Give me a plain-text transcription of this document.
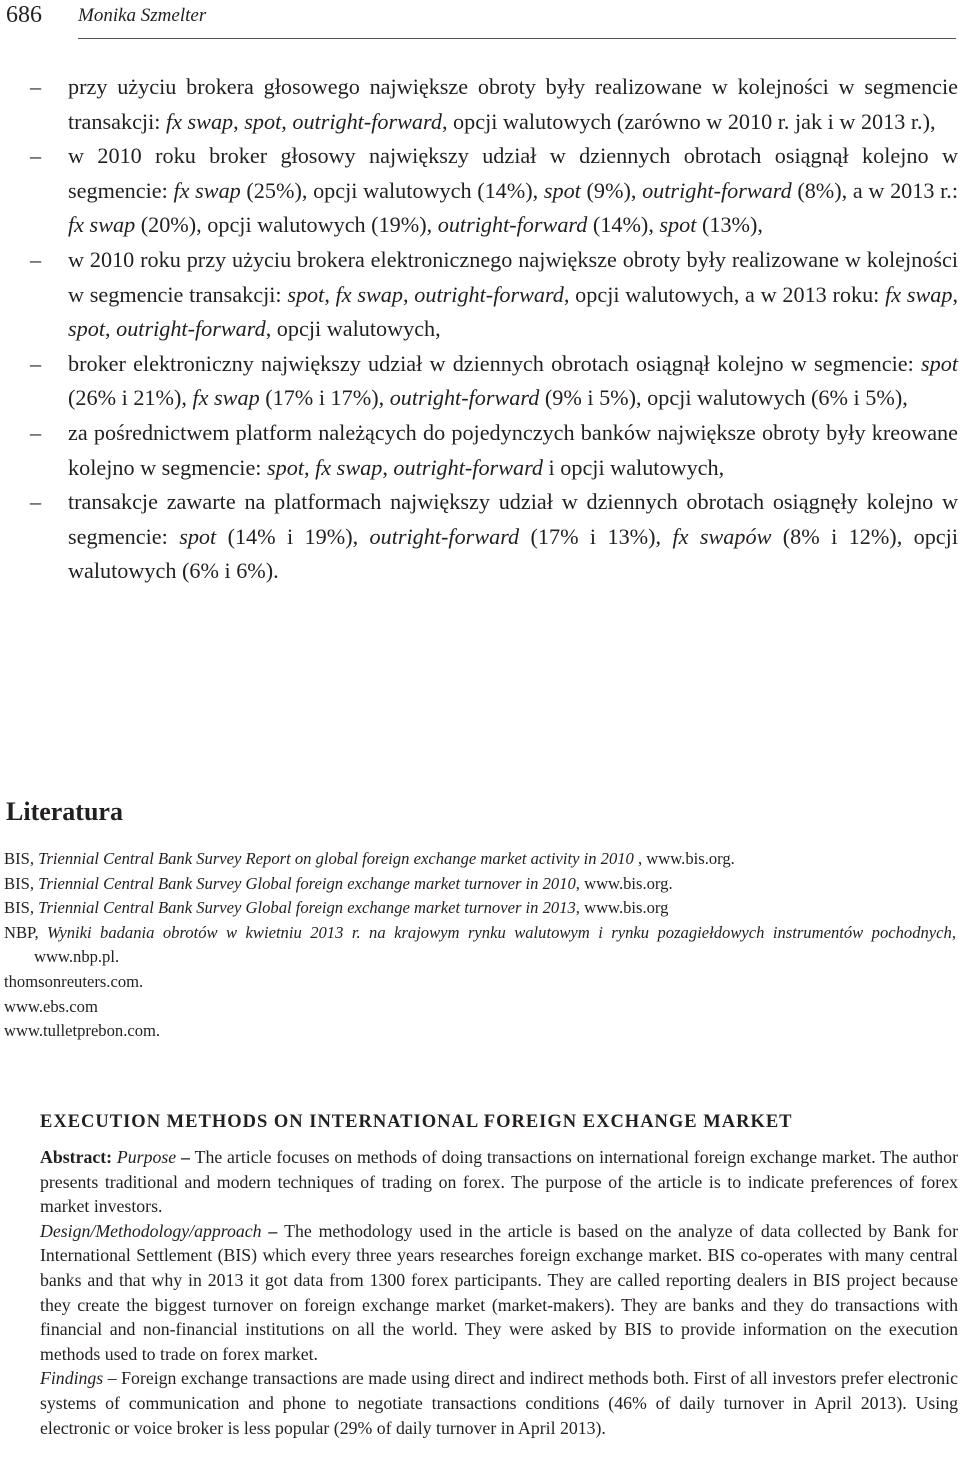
686 Monika Szmelter
– przy użyciu brokera głosowego największe obroty były realizowane w kolejności w segmencie transakcji: fx swap, spot, outright-forward, opcji walutowych (zarówno w 2010 r. jak i w 2013 r.),
– w 2010 roku broker głosowy największy udział w dziennych obrotach osiągnął kolejno w segmencie: fx swap (25%), opcji walutowych (14%), spot (9%), outright-forward (8%), a w 2013 r.: fx swap (20%), opcji walutowych (19%), outright-forward (14%), spot (13%),
– w 2010 roku przy użyciu brokera elektronicznego największe obroty były realizowane w kolejności w segmencie transakcji: spot, fx swap, outright-forward, opcji walutowych, a w 2013 roku: fx swap, spot, outright-forward, opcji walutowych,
– broker elektroniczny największy udział w dziennych obrotach osiągnął kolejno w segmencie: spot (26% i 21%), fx swap (17% i 17%), outright-forward (9% i 5%), opcji walutowych (6% i 5%),
– za pośrednictwem platform należących do pojedynczych banków największe obroty były kreowane kolejno w segmencie: spot, fx swap, outright-forward i opcji walutowych,
– transakcje zawarte na platformach największy udział w dziennych obrotach osiągnęły kolejno w segmencie: spot (14% i 19%), outright-forward (17% i 13%), fx swapów (8% i 12%), opcji walutowych (6% i 6%).
Literatura

BIS, Triennial Central Bank Survey Report on global foreign exchange market activity in 2010 , www.bis.org.

BIS, Triennial Central Bank Survey Global foreign exchange market turnover in 2010, www.bis.org.

BIS, Triennial Central Bank Survey Global foreign exchange market turnover in 2013, www.bis.org

NBP, Wyniki badania obrotów w kwietniu 2013 r. na krajowym rynku walutowym i rynku pozagiełdowych instrumentów pochodnych, www.nbp.pl.

thomsonreuters.com.

www.ebs.com

www.tulletprebon.com.

EXECUTION METHODS ON INTERNATIONAL FOREIGN EXCHANGE MARKET

Abstract: Purpose – The article focuses on methods of doing transactions on international foreign exchange market. The author presents traditional and modern techniques of trading on forex. The purpose of the article is to indicate preferences of forex market investors.

Design/Methodology/approach – The methodology used in the article is based on the analyze of data collected by Bank for International Settlement (BIS) which every three years researches foreign exchange market. BIS co-operates with many central banks and that why in 2013 it got data from 1300 forex participants. They are called reporting dealers in BIS project because they create the biggest turnover on foreign exchange market (market-makers). They are banks and they do transactions with financial and non-financial institutions on all the world. They were asked by BIS to provide information on the execution methods used to trade on forex market.

Findings – Foreign exchange transactions are made using direct and indirect methods both. First of all investors prefer electronic systems of communication and phone to negotiate transactions conditions (46% of daily turnover in April 2013). Using electronic or voice broker is less popular (29% of daily turnover in April 2013).
